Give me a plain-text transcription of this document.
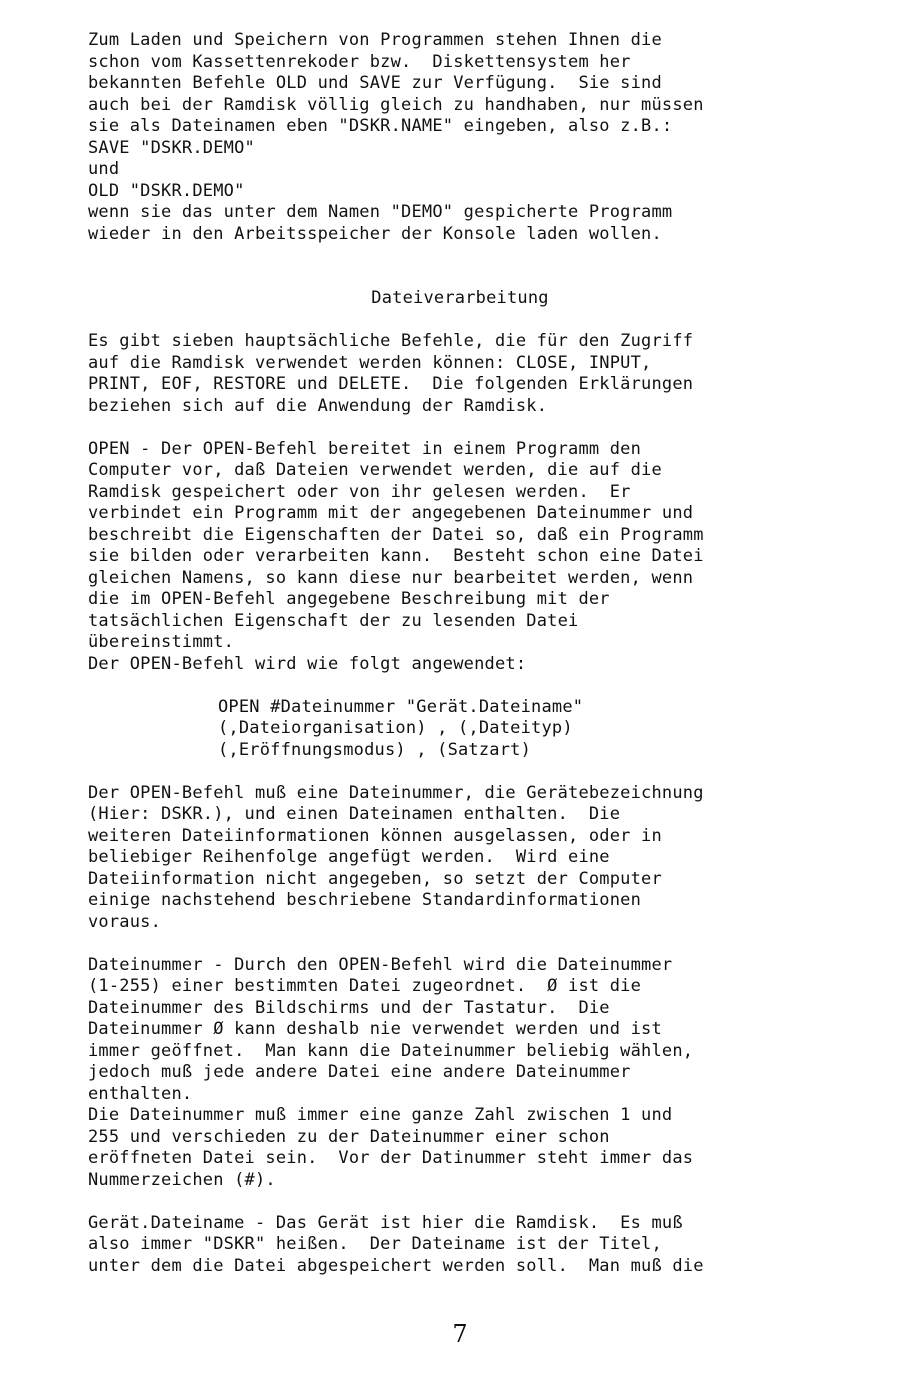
Zum Laden und Speichern von Programmen stehen Ihnen die
schon vom Kassettenrekoder bzw.  Diskettensystem her
bekannten Befehle OLD und SAVE zur Verfügung.  Sie sind
auch bei der Ramdisk völlig gleich zu handhaben, nur müssen
sie als Dateinamen eben "DSKR.NAME" eingeben, also z.B.:
SAVE "DSKR.DEMO"
und
OLD "DSKR.DEMO"
wenn sie das unter dem Namen "DEMO" gespicherte Programm
wieder in den Arbeitsspeicher der Konsole laden wollen.
Dateiverarbeitung
Es gibt sieben hauptsächliche Befehle, die für den Zugriff
auf die Ramdisk verwendet werden können: CLOSE, INPUT,
PRINT, EOF, RESTORE und DELETE.  Die folgenden Erklärungen
beziehen sich auf die Anwendung der Ramdisk.
OPEN - Der OPEN-Befehl bereitet in einem Programm den
Computer vor, daß Dateien verwendet werden, die auf die
Ramdisk gespeichert oder von ihr gelesen werden.  Er
verbindet ein Programm mit der angegebenen Dateinummer und
beschreibt die Eigenschaften der Datei so, daß ein Programm
sie bilden oder verarbeiten kann.  Besteht schon eine Datei
gleichen Namens, so kann diese nur bearbeitet werden, wenn
die im OPEN-Befehl angegebene Beschreibung mit der
tatsächlichen Eigenschaft der zu lesenden Datei
übereinstimmt.
Der OPEN-Befehl wird wie folgt angewendet:
OPEN #Dateinummer "Gerät.Dateiname"
(,Dateiorganisation) , (,Dateityp)
(,Eröffnungsmodus) , (Satzart)
Der OPEN-Befehl muß eine Dateinummer, die Gerätebezeichnung
(Hier: DSKR.), und einen Dateinamen enthalten.  Die
weiteren Dateiinformationen können ausgelassen, oder in
beliebiger Reihenfolge angefügt werden.  Wird eine
Dateiinformation nicht angegeben, so setzt der Computer
einige nachstehend beschriebene Standardinformationen
voraus.
Dateinummer - Durch den OPEN-Befehl wird die Dateinummer
(1-255) einer bestimmten Datei zugeordnet.  Ø ist die
Dateinummer des Bildschirms und der Tastatur.  Die
Dateinummer Ø kann deshalb nie verwendet werden und ist
immer geöffnet.  Man kann die Dateinummer beliebig wählen,
jedoch muß jede andere Datei eine andere Dateinummer
enthalten.
Die Dateinummer muß immer eine ganze Zahl zwischen 1 und
255 und verschieden zu der Dateinummer einer schon
eröffneten Datei sein.  Vor der Datinummer steht immer das
Nummerzeichen (#).
Gerät.Dateiname - Das Gerät ist hier die Ramdisk.  Es muß
also immer "DSKR" heißen.  Der Dateiname ist der Titel,
unter dem die Datei abgespeichert werden soll.  Man muß die
7
